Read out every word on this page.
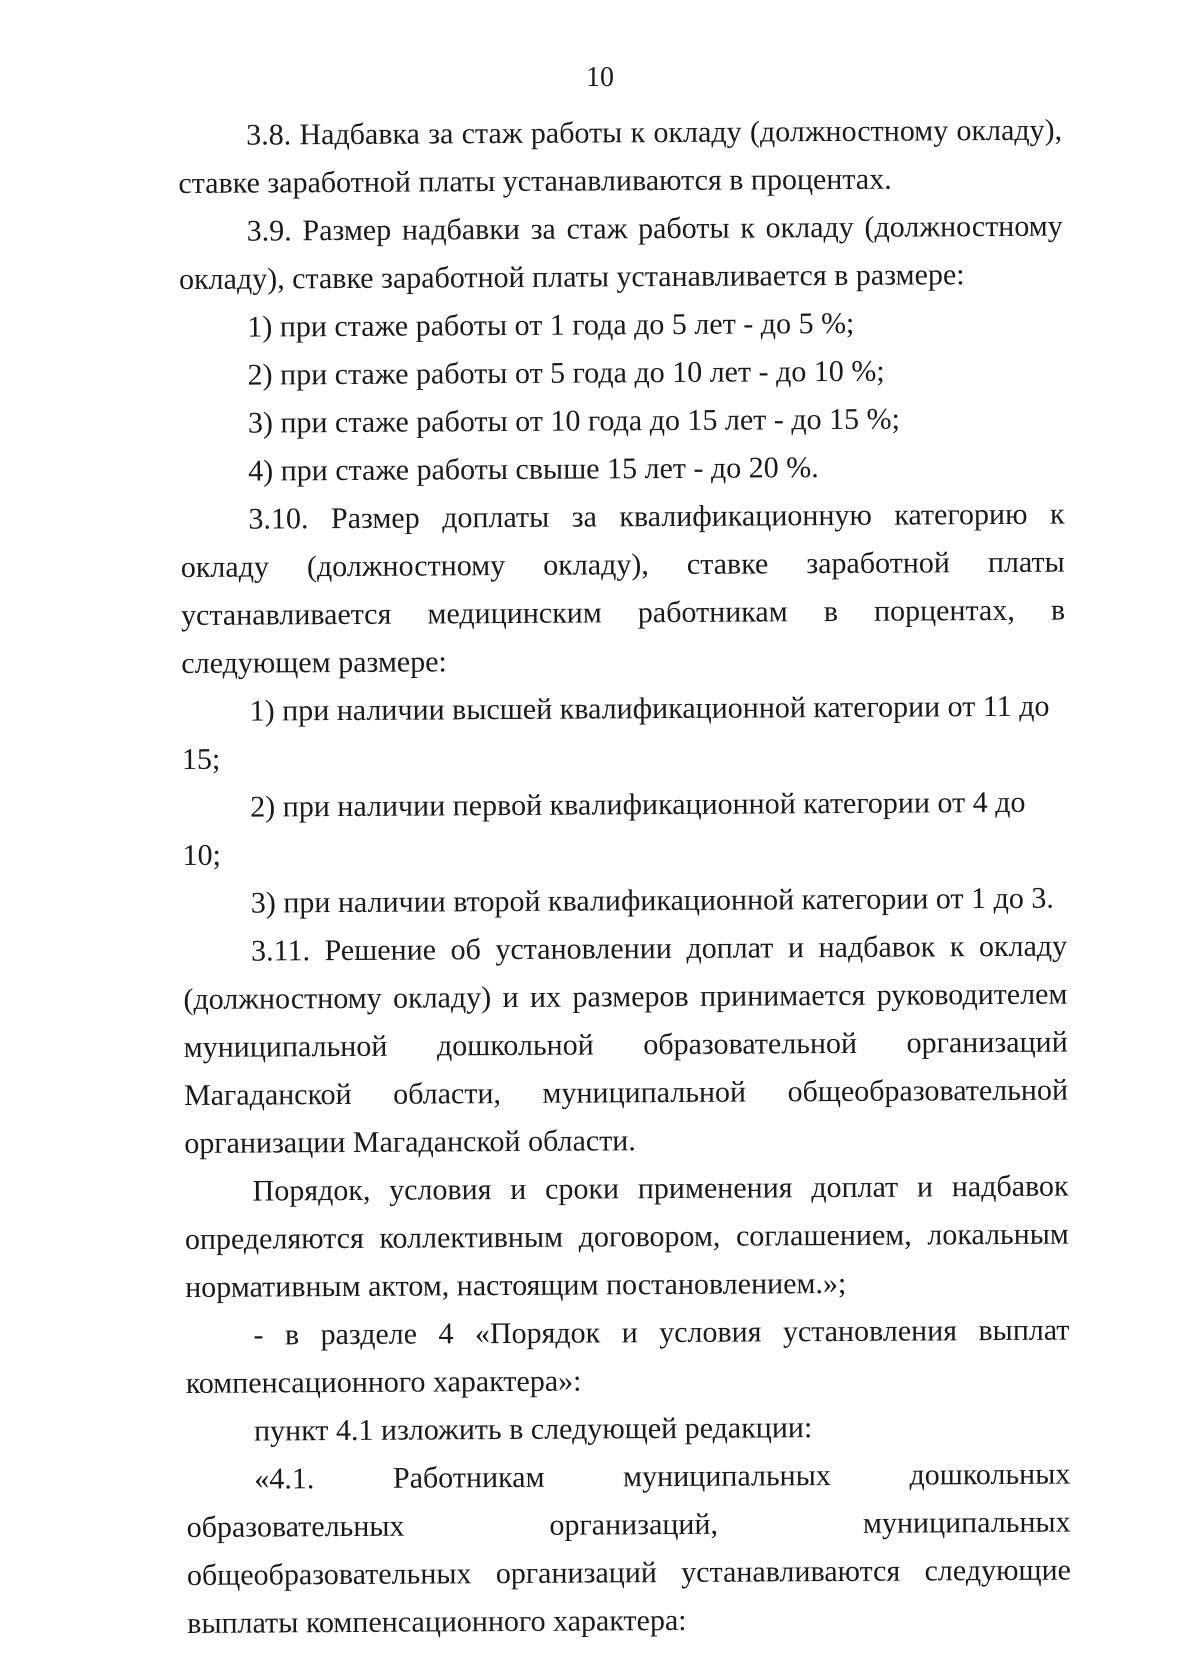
10

3.8. Надбавка за стаж работы к окладу (должностному окладу), ставке заработной платы устанавливаются в процентах.

3.9. Размер надбавки за стаж работы к окладу (должностному окладу), ставке заработной платы устанавливается в размере:

1) при стаже работы от 1 года до 5 лет - до 5 %;

2) при стаже работы от 5 года до 10 лет - до 10 %;

3) при стаже работы от 10 года до 15 лет - до 15 %;

4) при стаже работы свыше 15 лет - до 20 %.

3.10. Размер доплаты за квалификационную категорию к окладу (должностному окладу), ставке заработной платы устанавливается медицинским работникам в порцентах, в следующем размере:

1) при наличии высшей квалификационной категории от 11 до 15;

2) при наличии первой квалификационной категории от 4 до 10;

3) при наличии второй квалификационной категории от 1 до 3.

3.11. Решение об установлении доплат и надбавок к окладу (должностному окладу) и их размеров принимается руководителем муниципальной дошкольной образовательной организаций Магаданской области, муниципальной общеобразовательной организации Магаданской области.

Порядок, условия и сроки применения доплат и надбавок определяются коллективным договором, соглашением, локальным нормативным актом, настоящим постановлением.»;

- в разделе 4 «Порядок и условия установления выплат компенсационного характера»:

пункт 4.1 изложить в следующей редакции:

«4.1. Работникам муниципальных дошкольных образовательных организаций, муниципальных общеобразовательных организаций устанавливаются следующие выплаты компенсационного характера:
